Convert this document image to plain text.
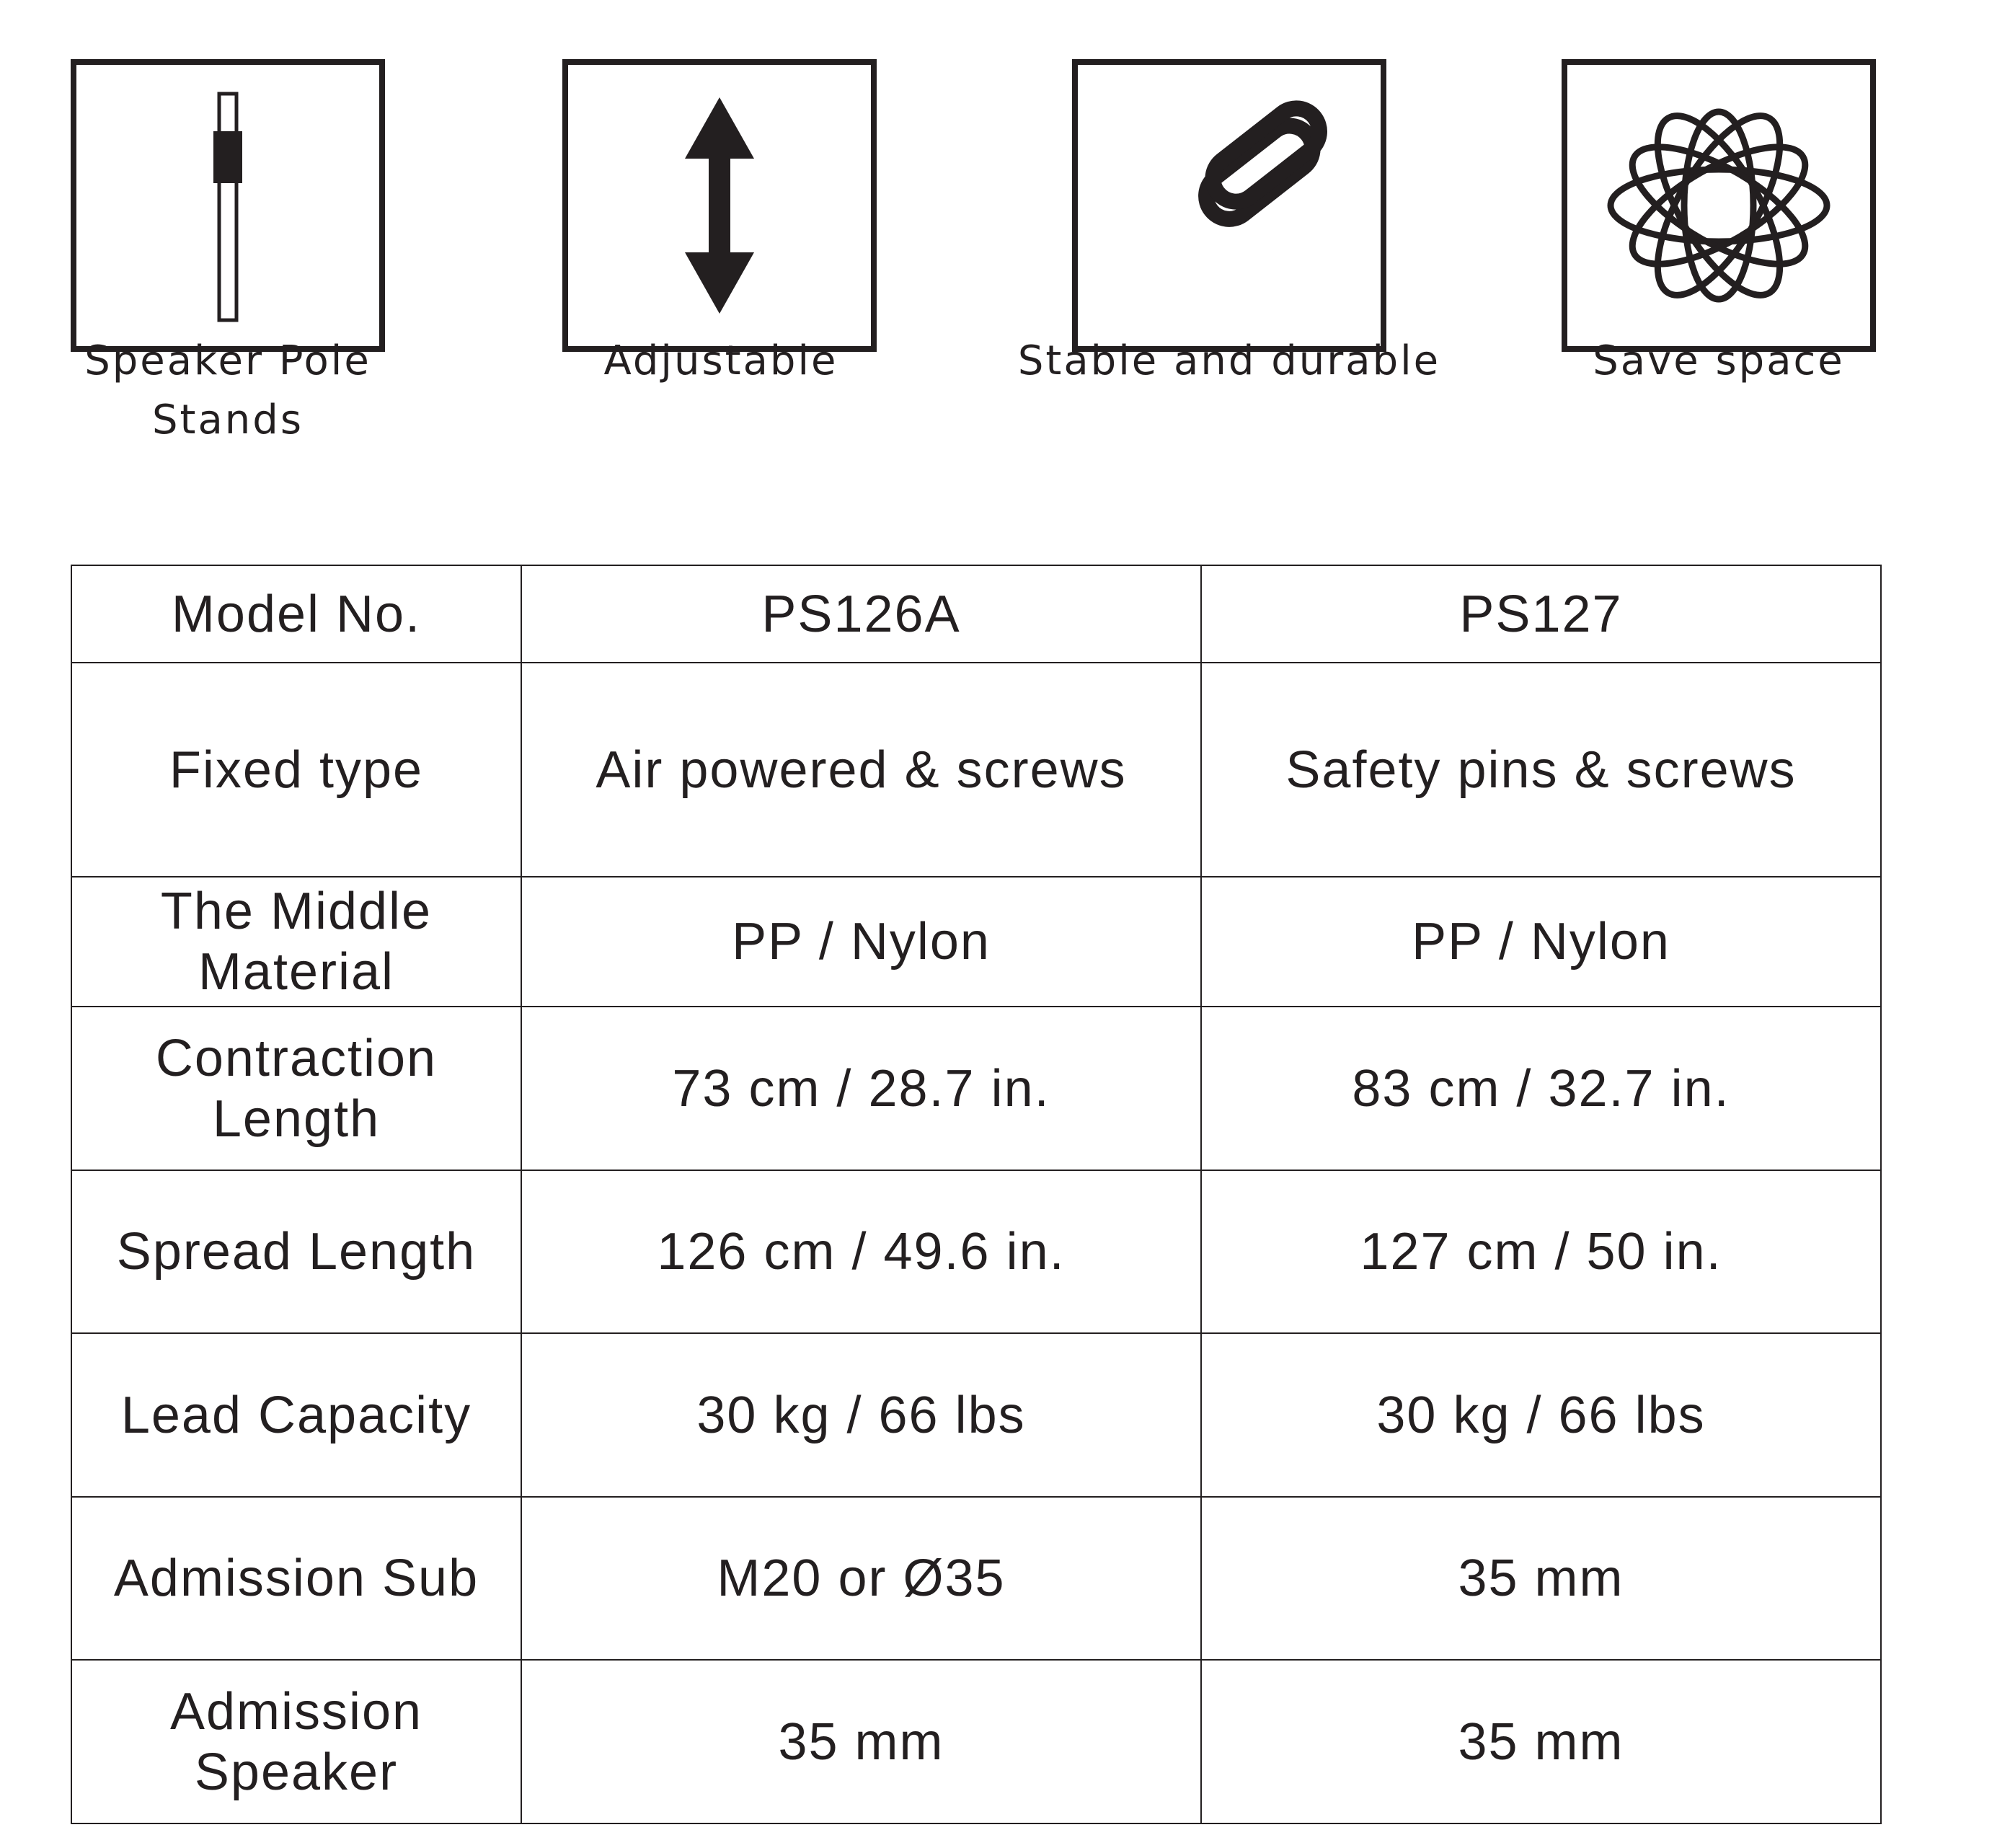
Speaker Pole
Stands
Adjustable	Stable and durable	Save space
Model No.	PS126A	PS127

Fixed type	Air powered & screws	Safety pins & screws

The Middle
Material	PP / Nylon	PP / Nylon

Contraction
Length	73 cm / 28.7 in.	83 cm / 32.7 in.

Spread Length	126 cm / 49.6 in.	127 cm / 50 in.

Lead Capacity	30 kg / 66 lbs	30 kg / 66 lbs

Admission Sub	M20 or Ø35	35 mm

Admission
Speaker	35 mm	35 mm
